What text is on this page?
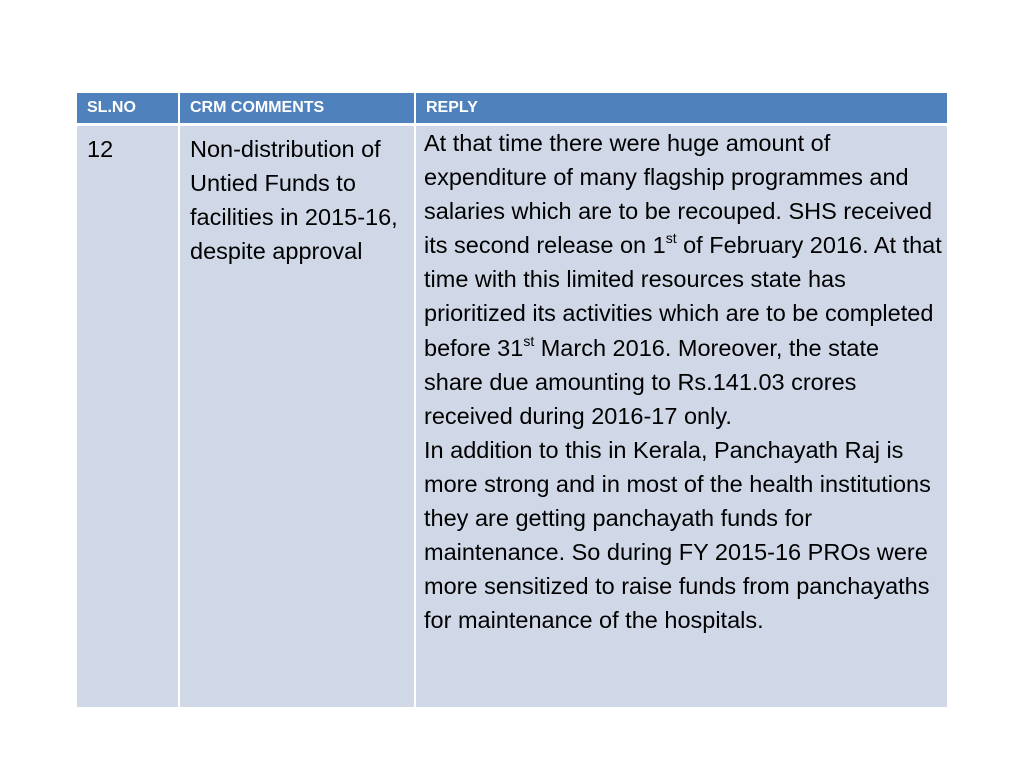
SL.NO	CRM COMMENTS	REPLY
12	Non-distribution of Untied Funds to facilities in 2015-16, despite approval	At that time there were huge amount of expenditure of many flagship programmes and salaries which are to be recouped. SHS received its second release on 1st of February 2016. At that time with this limited resources state has prioritized its activities which are to be completed before 31st March 2016. Moreover, the state share due amounting to Rs.141.03 crores received during 2016-17 only.
In addition to this in Kerala, Panchayath Raj is more strong and in most of the health institutions they are getting panchayath funds for maintenance. So during FY 2015-16 PROs were more sensitized to raise funds from panchayaths for maintenance of the hospitals.
